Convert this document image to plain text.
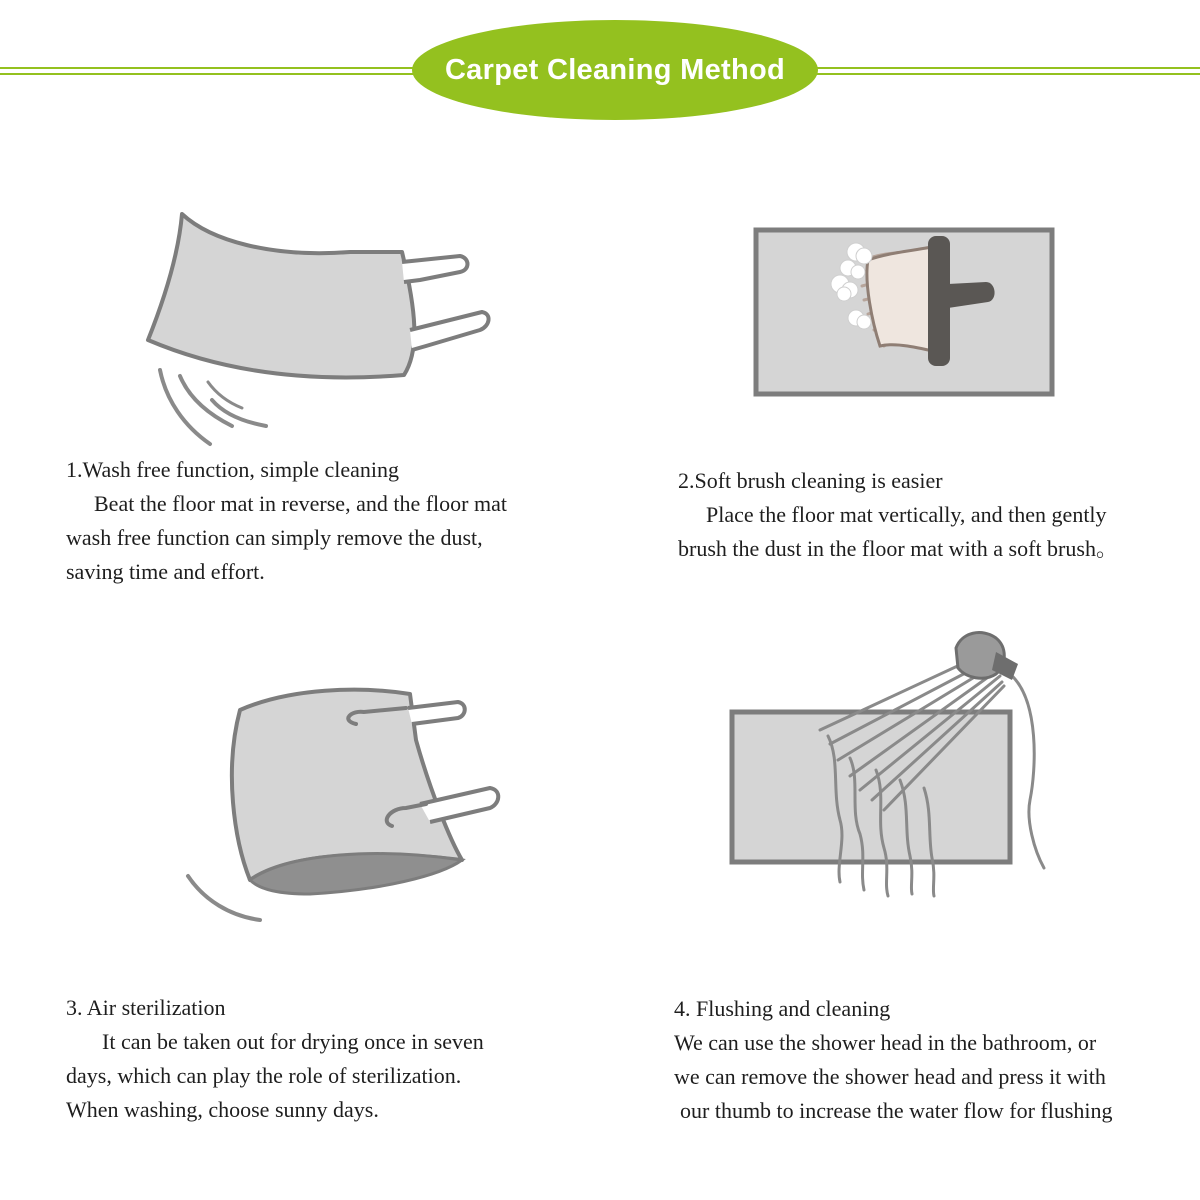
Carpet Cleaning Method
1.Wash free function, simple cleaning
Beat the floor mat in reverse, and the floor mat
wash free function can simply remove the dust,
saving time and effort.
2.Soft brush cleaning is easier
Place the floor mat vertically, and then gently
brush the dust in the floor mat with a soft brush。
3. Air sterilization
It can be taken out for drying once in seven
days, which can play the role of sterilization.
When washing, choose sunny days.
4. Flushing and cleaning
We can use the shower head in the bathroom, or
we can remove the shower head and press it with
our thumb to increase the water flow for flushing
